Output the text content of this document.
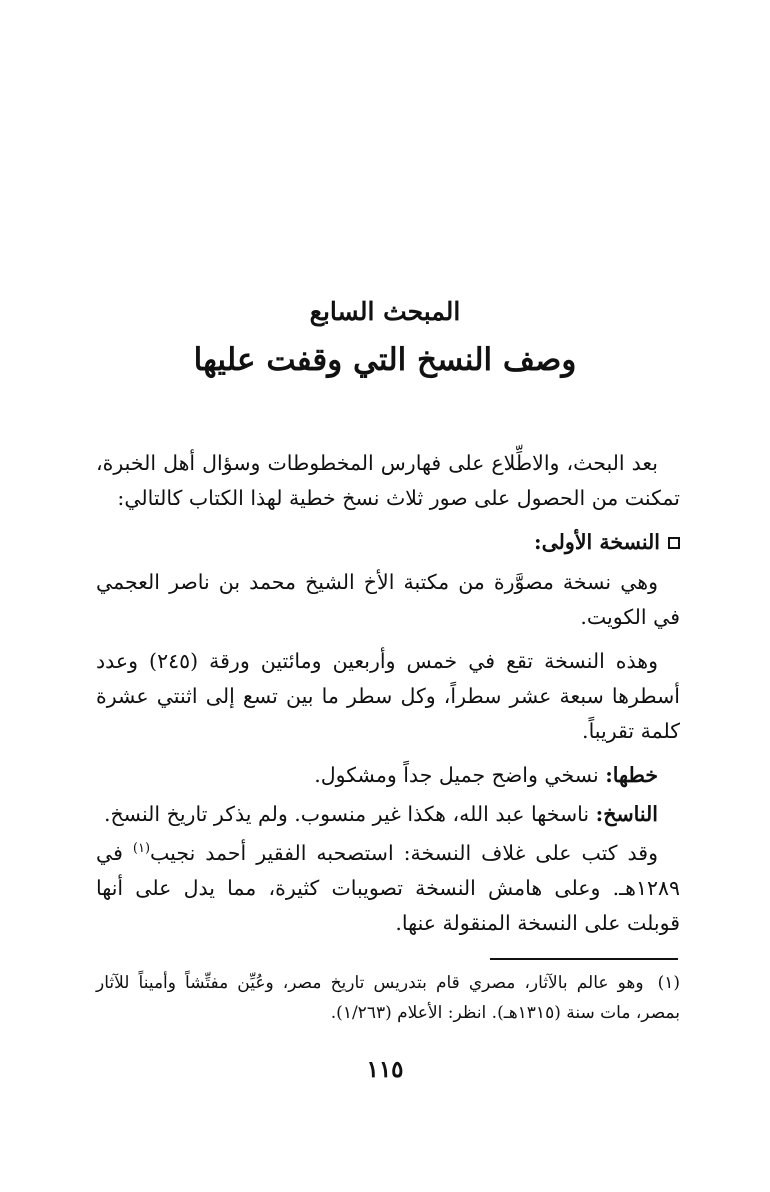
المبحث السابع
وصف النسخ التي وقفت عليها

بعد البحث، والاطِّلاع على فهارس المخطوطات وسؤال أهل الخبرة، تمكنت من الحصول على صور ثلاث نسخ خطية لهذا الكتاب كالتالي:

النسخة الأولى:

وهي نسخة مصوَّرة من مكتبة الأخ الشيخ محمد بن ناصر العجمي في الكويت.

وهذه النسخة تقع في خمس وأربعين ومائتين ورقة (٢٤٥) وعدد أسطرها سبعة عشر سطراً، وكل سطر ما بين تسع إلى اثنتي عشرة كلمة تقريباً.

خطها: نسخي واضح جميل جداً ومشكول.

الناسخ: ناسخها عبد الله، هكذا غير منسوب. ولم يذكر تاريخ النسخ.

وقد كتب على غلاف النسخة: استصحبه الفقير أحمد نجيب$^{(١)}$ في ١٢٨٩هـ. وعلى هامش النسخة تصويبات كثيرة، مما يدل على أنها قوبلت على النسخة المنقولة عنها.

(١)وهو عالم بالآثار، مصري قام بتدريس تاريخ مصر، وعُيِّن مفتِّشاً وأميناً للآثار بمصر، مات سنة (١٣١٥هـ). انظر: الأعلام (١/٢٦٣).
١١٥
